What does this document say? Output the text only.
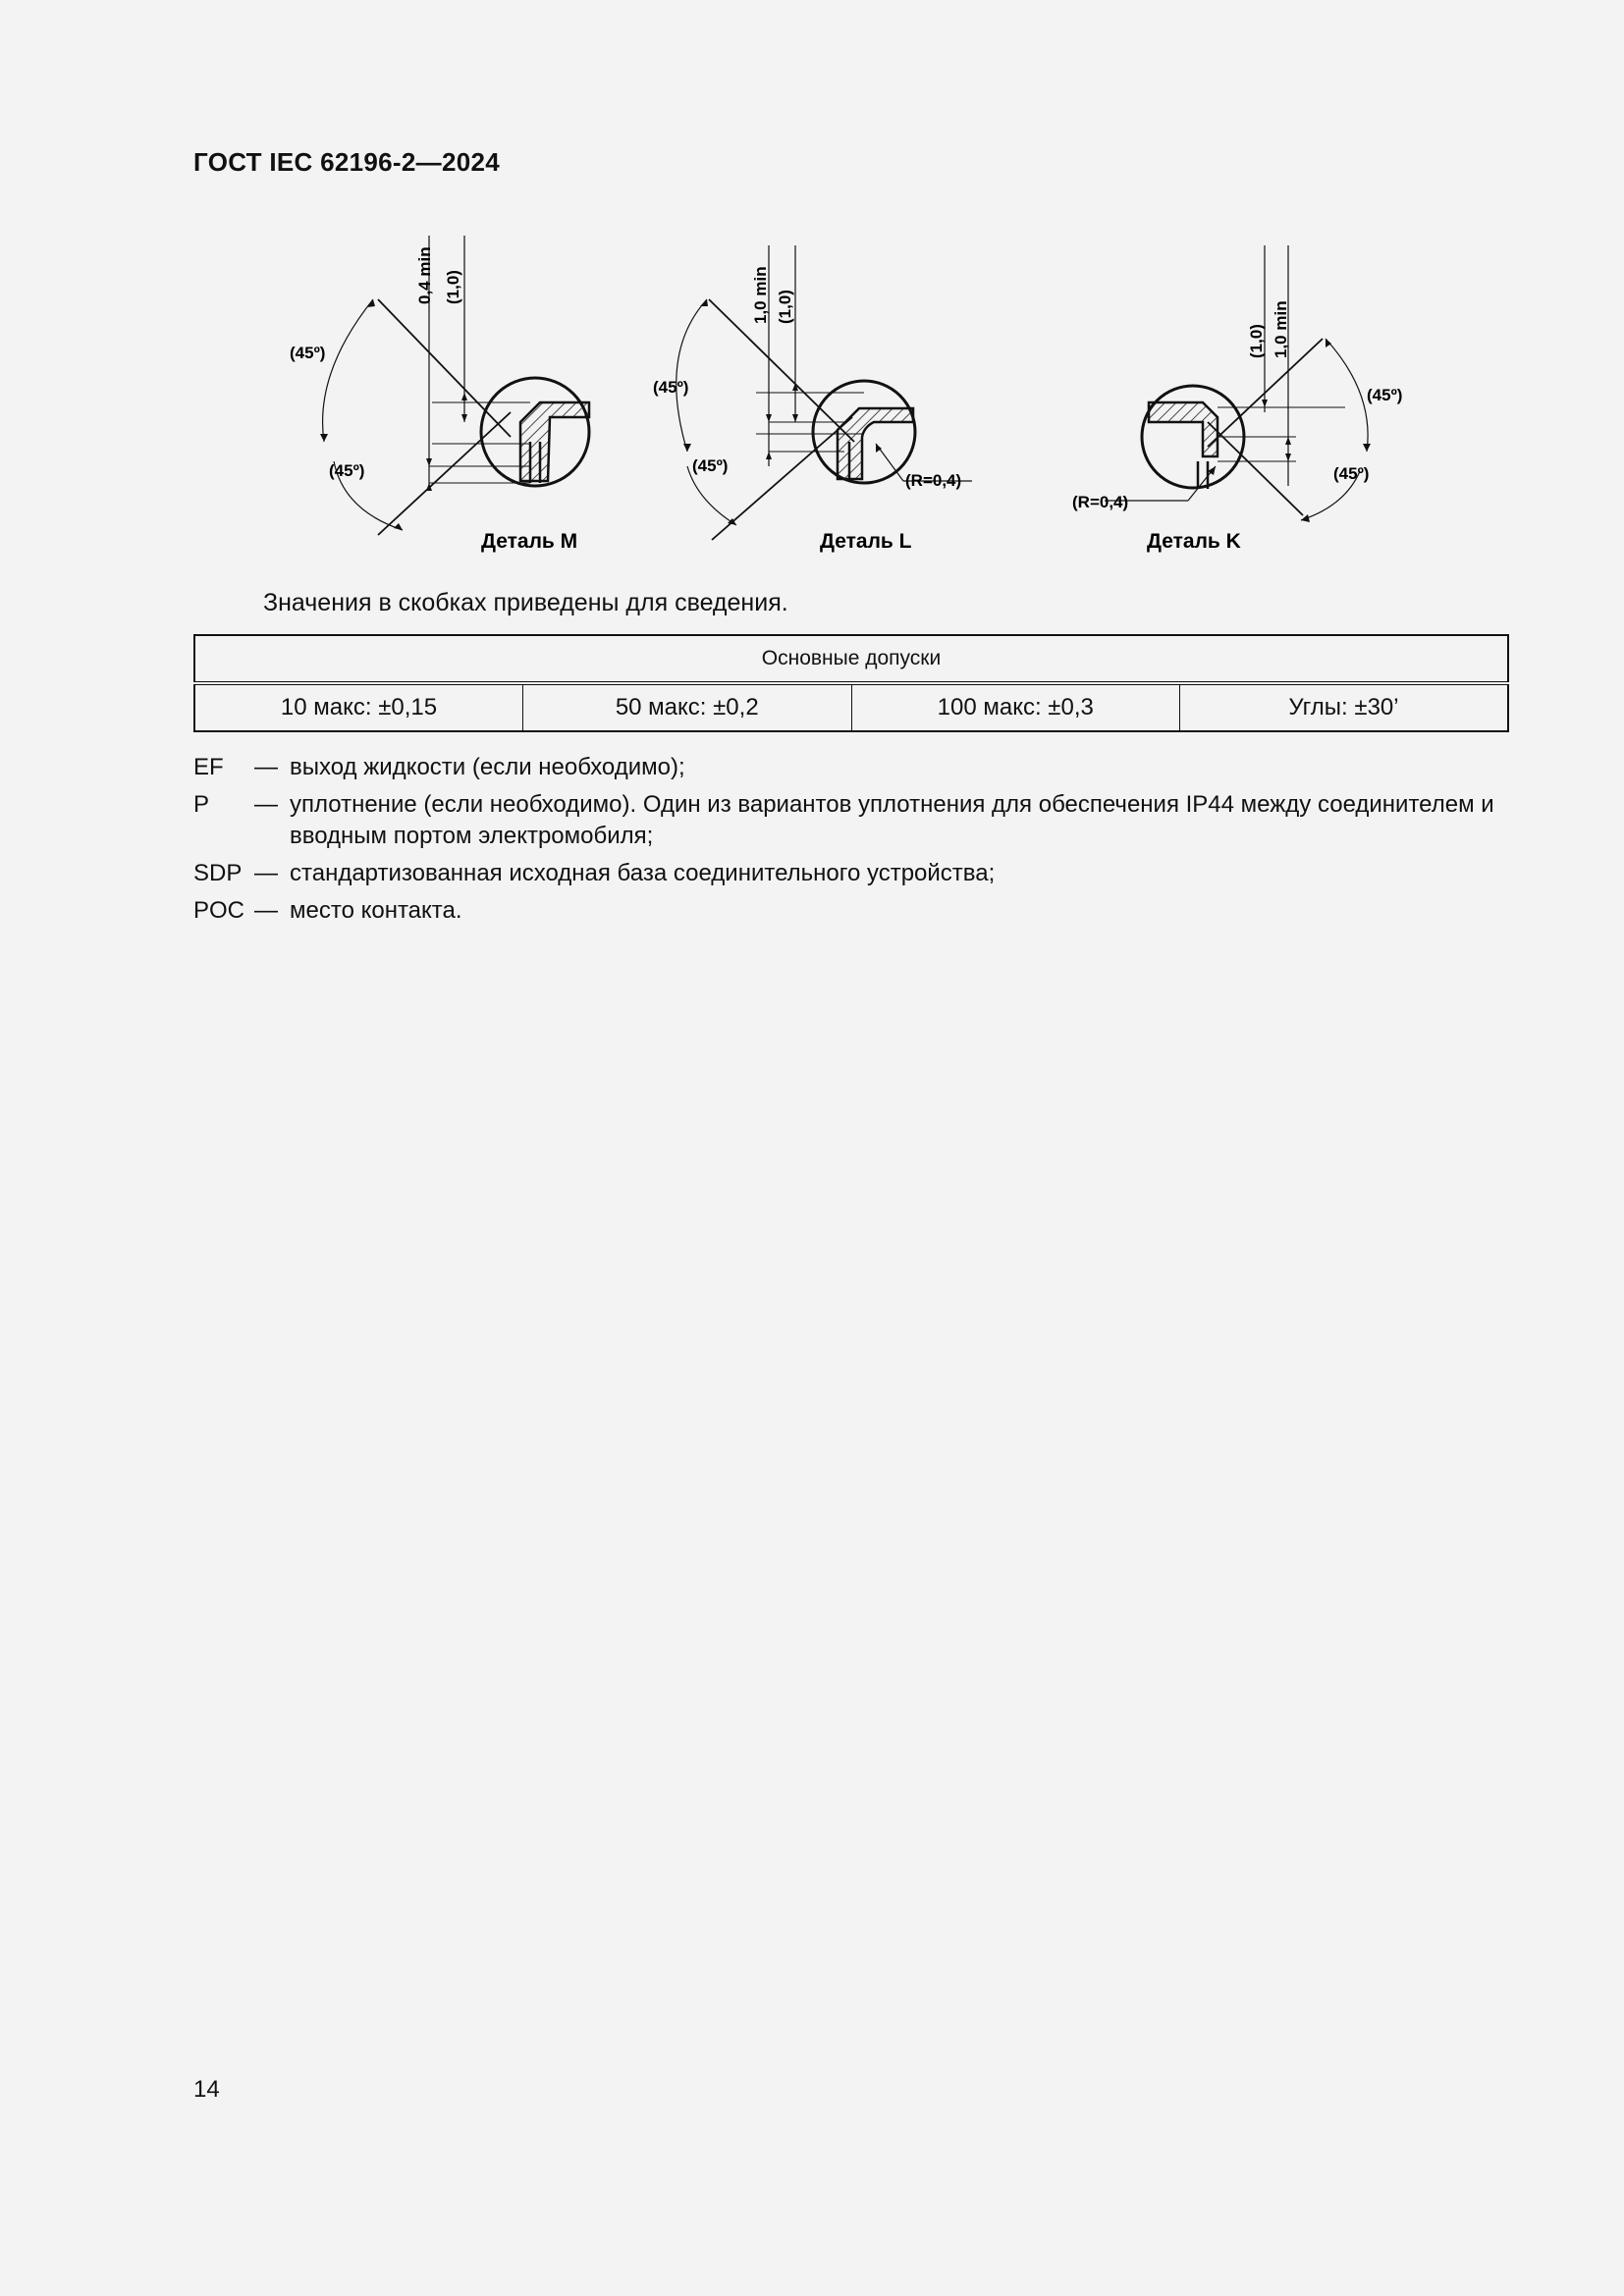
ГОСТ IEC 62196-2—2024
0,4 min (1,0)
(45º)
(45º)
Деталь M
1,0 min (1,0)
(45º)
(45º)
(R=0,4)
Деталь L
(1,0) 1,0 min
(45º)
(45º)
(R=0,4)
Деталь K
Значения в скобках приведены для сведения.
Основные допуски
10 макс: ±0,15	50 макс: ±0,2	100 макс: ±0,3	Углы: ±30’
EF	— выход жидкости (если необходимо);
P	— уплотнение (если необходимо). Один из вариантов уплотнения для обеспечения IP44 между соединителем и вводным портом электромобиля;
SDP — стандартизованная исходная база соединительного устройства;
POC — место контакта.
14
